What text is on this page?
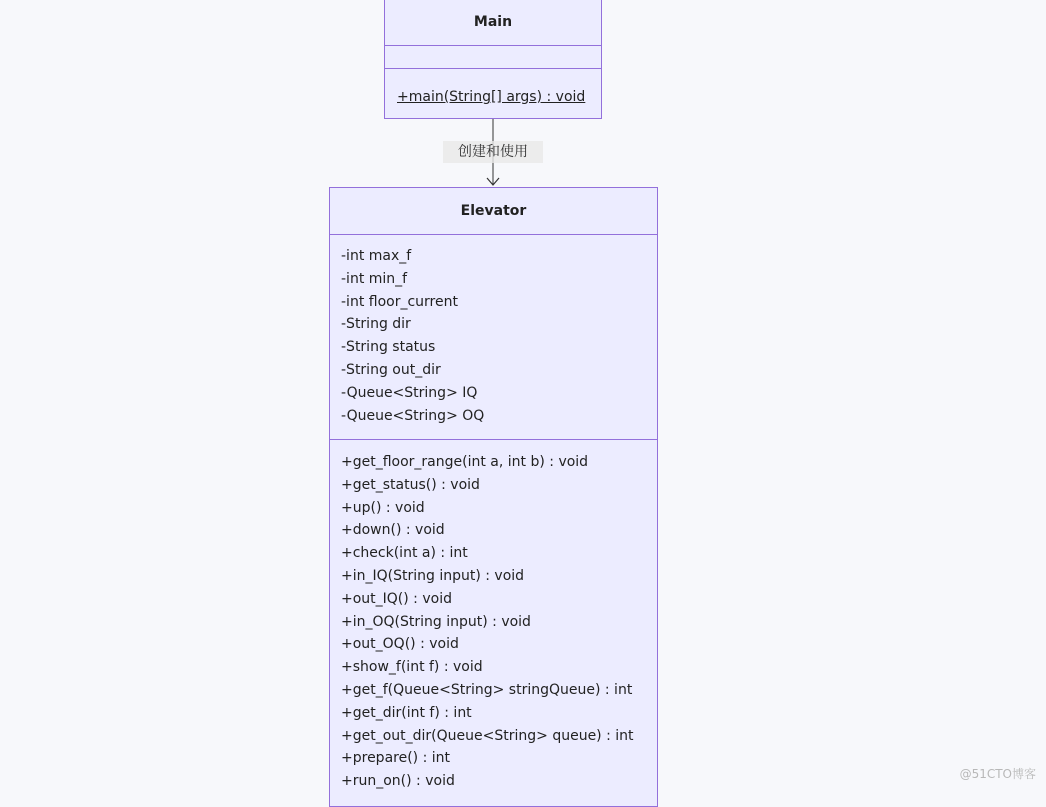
Main
+main(String[] args) : void
创建和使用
Elevator
-int max_f
-int min_f
-int floor_current
-String dir
-String status
-String out_dir
-Queue<String> IQ
-Queue<String> OQ
+get_floor_range(int a, int b) : void
+get_status() : void
+up() : void
+down() : void
+check(int a) : int
+in_IQ(String input) : void
+out_IQ() : void
+in_OQ(String input) : void
+out_OQ() : void
+show_f(int f) : void
+get_f(Queue<String> stringQueue) : int
+get_dir(int f) : int
+get_out_dir(Queue<String> queue) : int
+prepare() : int
+run_on() : void	@51CTO博客
